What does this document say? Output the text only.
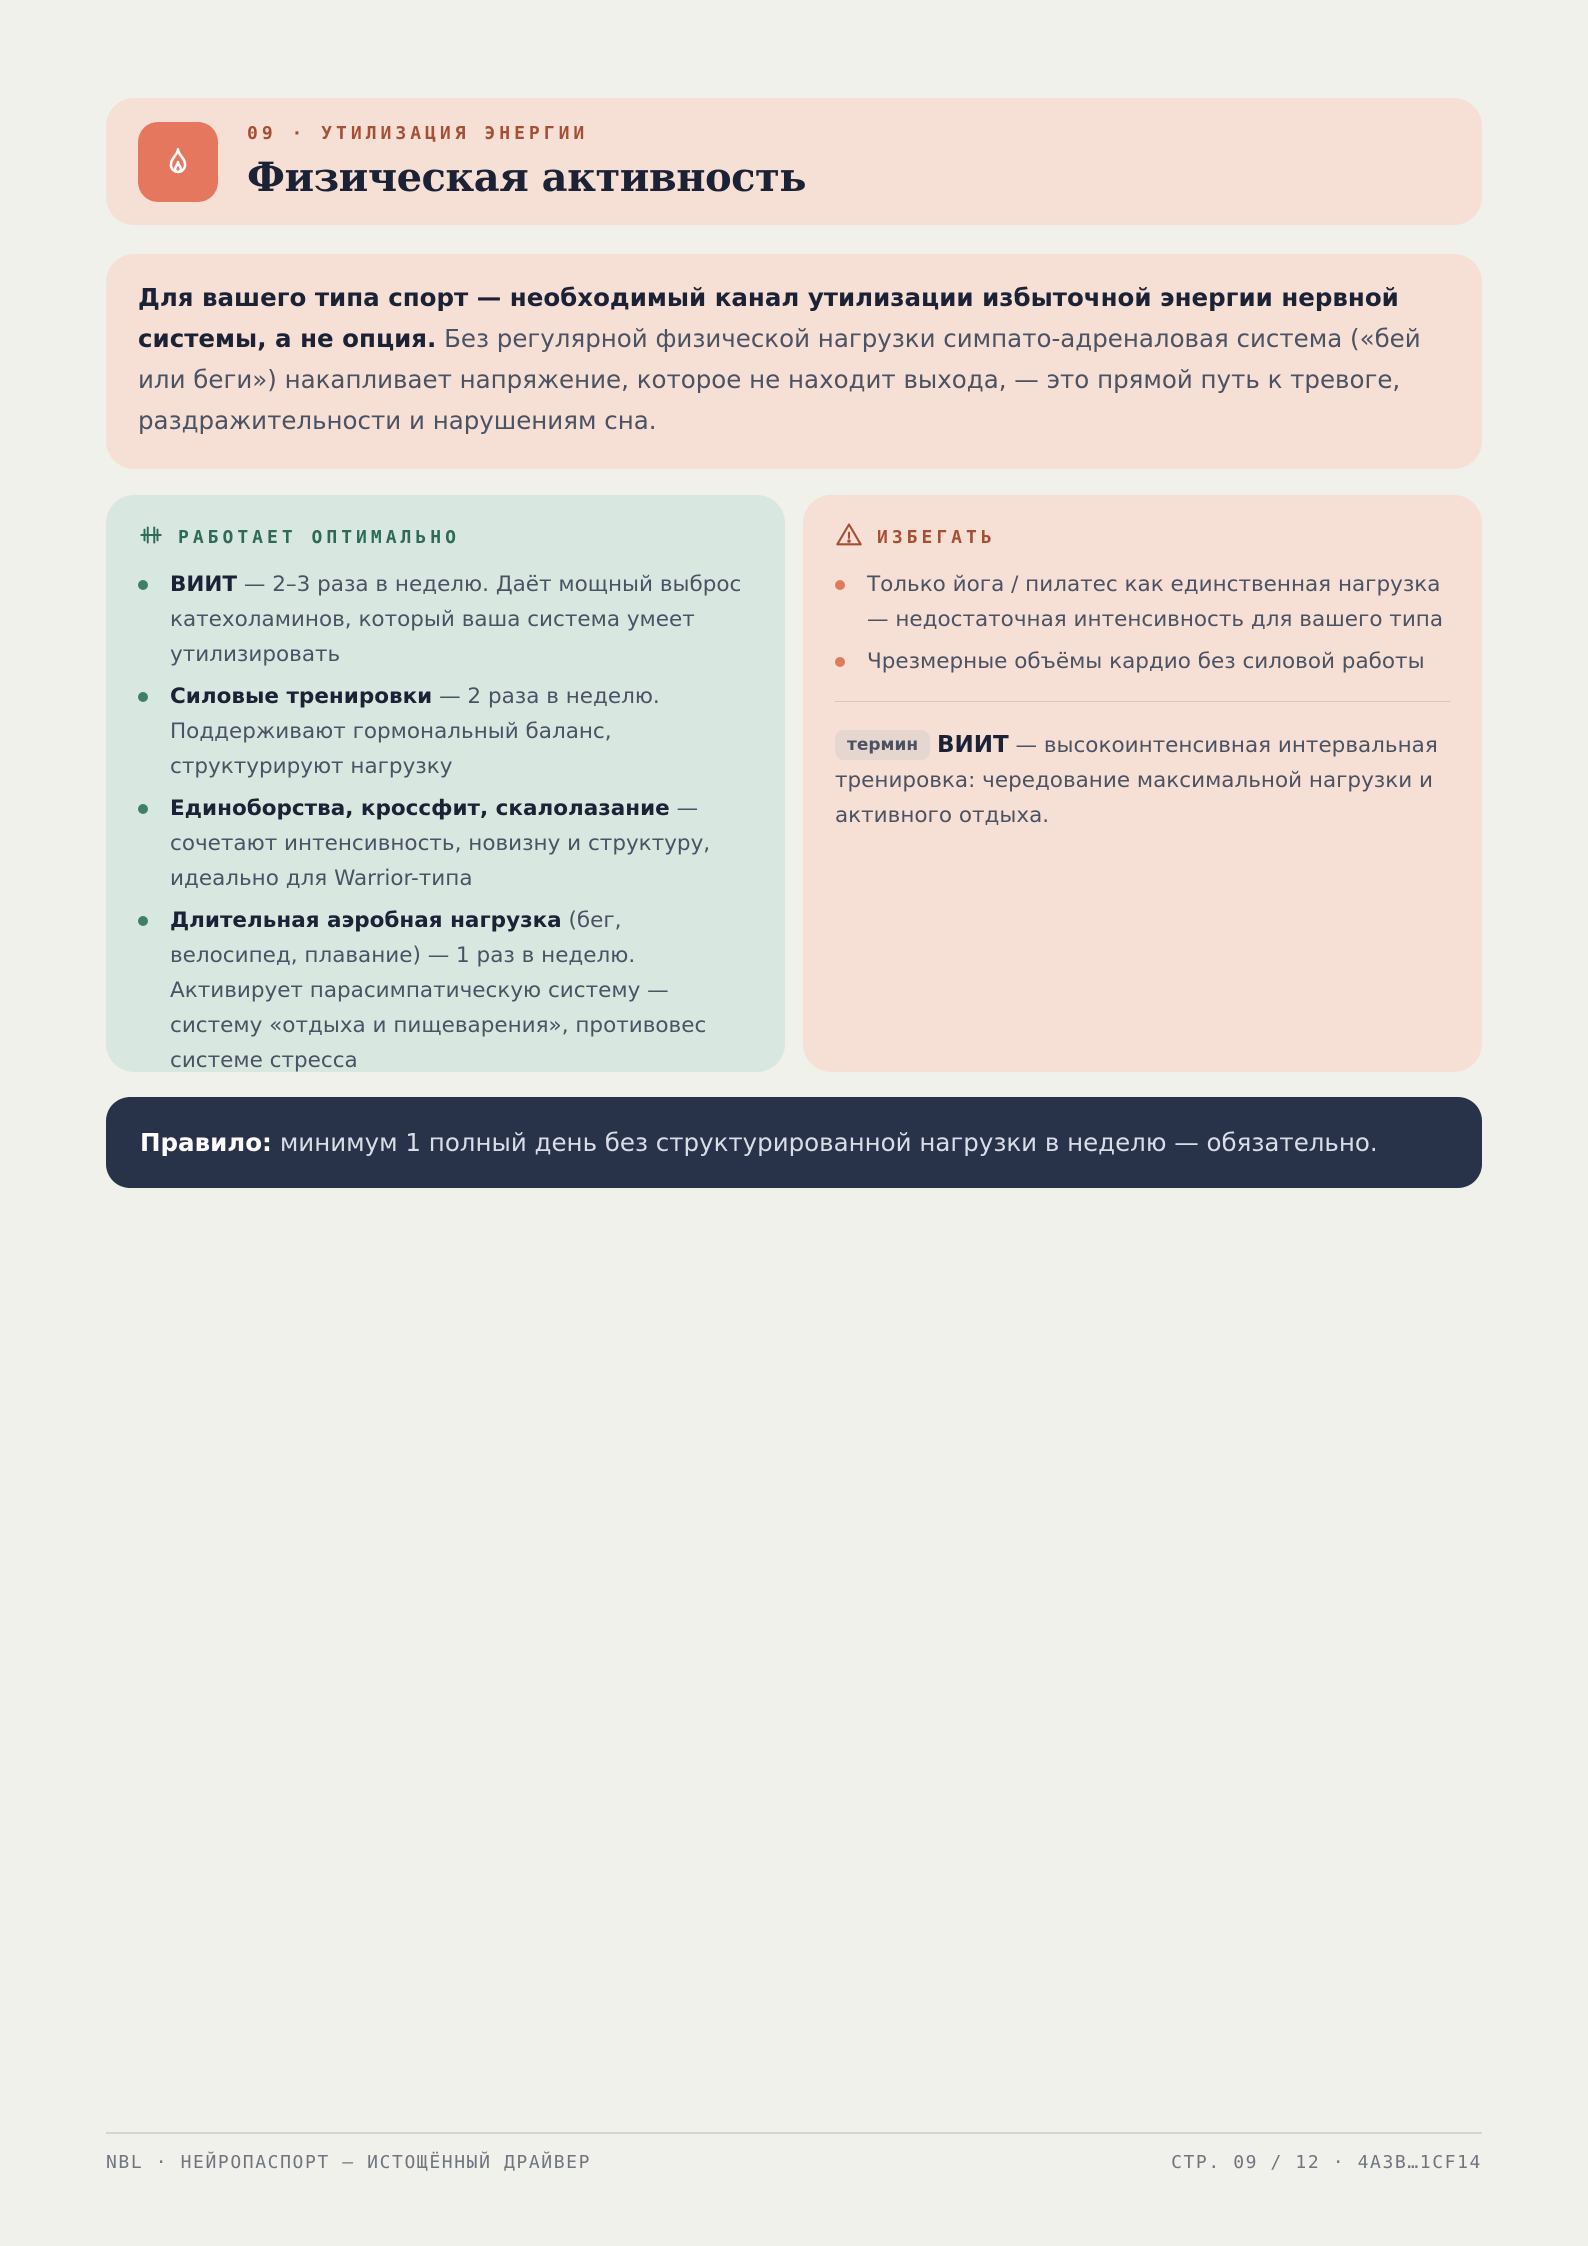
09 · УТИЛИЗАЦИЯ ЭНЕРГИИ
Физическая активность
Для вашего типа спорт — необходимый канал утилизации избыточной энергии нервной системы, а не опция. Без регулярной физической нагрузки симпато-адреналовая система («бей или беги») накапливает напряжение, которое не находит выхода, — это прямой путь к тревоге, раздражительности и нарушениям сна.
РАБОТАЕТ ОПТИМАЛЬНО
ВИИТ — 2–3 раза в неделю. Даёт мощный выброс катехоламинов, который ваша система умеет утилизировать
Силовые тренировки — 2 раза в неделю. Поддерживают гормональный баланс, структурируют нагрузку
Единоборства, кроссфит, скалолазание — сочетают интенсивность, новизну и структуру, идеально для Warrior-типа
Длительная аэробная нагрузка (бег, велосипед, плавание) — 1 раз в неделю. Активирует парасимпатическую систему — систему «отдыха и пищеварения», противовес системе стресса
ИЗБЕГАТЬ
Только йога / пилатес как единственная нагрузка — недостаточная интенсивность для вашего типа
Чрезмерные объёмы кардио без силовой работы
термин ВИИТ — высокоинтенсивная интервальная тренировка: чередование максимальной нагрузки и активного отдыха.
Правило: минимум 1 полный день без структурированной нагрузки в неделю — обязательно.
NBL · НЕЙРОПАСПОРТ — ИСТОЩЁННЫЙ ДРАЙВЕР	СТР. 09 / 12 · 4A3B…1CF14
